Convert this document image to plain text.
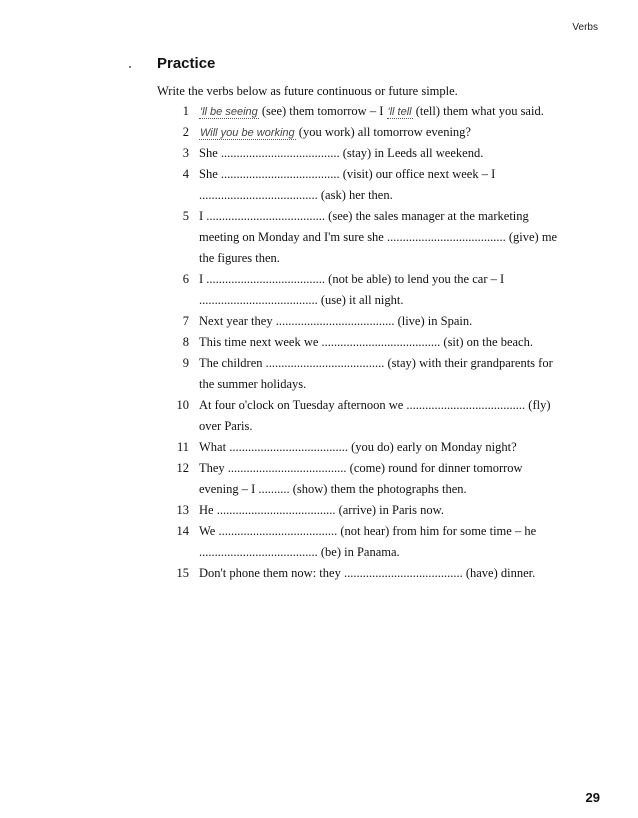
Verbs
Practice
Write the verbs below as future continuous or future simple.
1 'll be seeing (see) them tomorrow – I 'll tell (tell) them what you said.
2 Will you be working (you work) all tomorrow evening?
3 She ...................................... (stay) in Leeds all weekend.
4 She ...................................... (visit) our office next week – I
...................................... (ask) her then.
5 I ...................................... (see) the sales manager at the marketing
meeting on Monday and I'm sure she ...................................... (give) me
the figures then.
6 I ...................................... (not be able) to lend you the car – I
...................................... (use) it all night.
7 Next year they ...................................... (live) in Spain.
8 This time next week we ...................................... (sit) on the beach.
9 The children ...................................... (stay) with their grandparents for
the summer holidays.
10 At four o'clock on Tuesday afternoon we ...................................... (fly)
over Paris.
11 What ...................................... (you do) early on Monday night?
12 They ...................................... (come) round for dinner tomorrow
evening – I .......... (show) them the photographs then.
13 He ...................................... (arrive) in Paris now.
14 We ...................................... (not hear) from him for some time – he
...................................... (be) in Panama.
15 Don't phone them now: they ...................................... (have) dinner.
29
